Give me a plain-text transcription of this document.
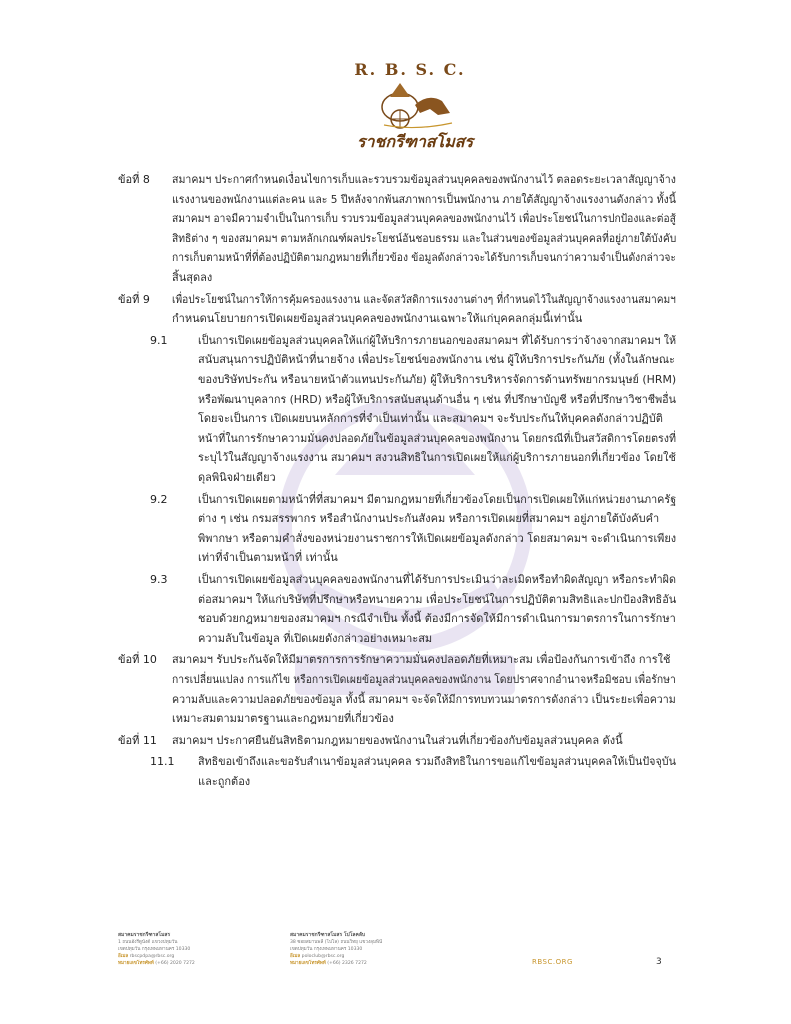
R. B. S. C.
ราชกรีฑาสโมสร
ข้อที่ 8 สมาคมฯ ประกาศกำหนดเงื่อนไขการเก็บและรวบรวมข้อมูลส่วนบุคคลของพนักงานไว้ ตลอดระยะเวลาสัญญาจ้าง
แรงงานของพนักงานแต่ละคน และ 5 ปีหลังจากพ้นสภาพการเป็นพนักงาน ภายใต้สัญญาจ้างแรงงานดังกล่าว ทั้งนี้
สมาคมฯ อาจมีความจำเป็นในการเก็บ รวบรวมข้อมูลส่วนบุคคลของพนักงานไว้ เพื่อประโยชน์ในการปกป้องและต่อสู้
สิทธิต่าง ๆ ของสมาคมฯ ตามหลักเกณฑ์ผลประโยชน์อันชอบธรรม และในส่วนของข้อมูลส่วนบุคคลที่อยู่ภายใต้บังคับ
การเก็บตามหน้าที่ที่ต้องปฏิบัติตามกฎหมายที่เกี่ยวข้อง ข้อมูลดังกล่าวจะได้รับการเก็บจนกว่าความจำเป็นดังกล่าวจะ
สิ้นสุดลง
ข้อที่ 9 เพื่อประโยชน์ในการให้การคุ้มครองแรงงาน และจัดสวัสดิการแรงงานต่างๆ ที่กำหนดไว้ในสัญญาจ้างแรงงานสมาคมฯ
กำหนดนโยบายการเปิดเผยข้อมูลส่วนบุคคลของพนักงานเฉพาะให้แก่บุคคลกลุ่มนี้เท่านั้น
9.1	เป็นการเปิดเผยข้อมูลส่วนบุคคลให้แก่ผู้ให้บริการภายนอกของสมาคมฯ ที่ได้รับการว่าจ้างจากสมาคมฯ ให้
สนับสนุนการปฏิบัติหน้าที่นายจ้าง เพื่อประโยชน์ของพนักงาน เช่น ผู้ให้บริการประกันภัย (ทั้งในลักษณะ
ของบริษัทประกัน หรือนายหน้าตัวแทนประกันภัย) ผู้ให้บริการบริหารจัดการด้านทรัพยากรมนุษย์ (HRM)
หรือพัฒนาบุคลากร (HRD) หรือผู้ให้บริการสนับสนุนด้านอื่น ๆ เช่น ที่ปรึกษาบัญชี หรือที่ปรึกษาวิชาชีพอื่น
โดยจะเป็นการ เปิดเผยบนหลักการที่จำเป็นเท่านั้น และสมาคมฯ จะรับประกันให้บุคคลดังกล่าวปฏิบัติ
หน้าที่ในการรักษาความมั่นคงปลอดภัยในข้อมูลส่วนบุคคลของพนักงาน โดยกรณีที่เป็นสวัสดิการโดยตรงที่
ระบุไว้ในสัญญาจ้างแรงงาน สมาคมฯ สงวนสิทธิในการเปิดเผยให้แก่ผู้บริการภายนอกที่เกี่ยวข้อง โดยใช้
ดุลพินิจฝ่ายเดียว
9.2	เป็นการเปิดเผยตามหน้าที่ที่สมาคมฯ มีตามกฎหมายที่เกี่ยวข้องโดยเป็นการเปิดเผยให้แก่หน่วยงานภาครัฐ
ต่าง ๆ เช่น กรมสรรพากร หรือสำนักงานประกันสังคม หรือการเปิดเผยที่สมาคมฯ อยู่ภายใต้บังคับคำ
พิพากษา หรือตามคำสั่งของหน่วยงานราชการให้เปิดเผยข้อมูลดังกล่าว โดยสมาคมฯ จะดำเนินการเพียง
เท่าที่จำเป็นตามหน้าที่ เท่านั้น
9.3	เป็นการเปิดเผยข้อมูลส่วนบุคคลของพนักงานที่ได้รับการประเมินว่าละเมิดหรือทำผิดสัญญา หรือกระทำผิด
ต่อสมาคมฯ ให้แก่บริษัทที่ปรึกษาหรือทนายความ เพื่อประโยชน์ในการปฏิบัติตามสิทธิและปกป้องสิทธิอัน
ชอบด้วยกฎหมายของสมาคมฯ กรณีจำเป็น ทั้งนี้ ต้องมีการจัดให้มีการดำเนินการมาตรการในการรักษา
ความลับในข้อมูล ที่เปิดเผยดังกล่าวอย่างเหมาะสม
ข้อที่ 10 สมาคมฯ รับประกันจัดให้มีมาตรการการรักษาความมั่นคงปลอดภัยที่เหมาะสม เพื่อป้องกันการเข้าถึง การใช้
การเปลี่ยนแปลง การแก้ไข หรือการเปิดเผยข้อมูลส่วนบุคคลของพนักงาน โดยปราศจากอำนาจหรือมิชอบ เพื่อรักษา
ความลับและความปลอดภัยของข้อมูล ทั้งนี้ สมาคมฯ จะจัดให้มีการทบทวนมาตรการดังกล่าว เป็นระยะเพื่อความ
เหมาะสมตามมาตรฐานและกฎหมายที่เกี่ยวข้อง
ข้อที่ 11 สมาคมฯ ประกาศยืนยันสิทธิตามกฎหมายของพนักงานในส่วนที่เกี่ยวข้องกับข้อมูลส่วนบุคคล ดังนี้
11.1 สิทธิขอเข้าถึงและขอรับสำเนาข้อมูลส่วนบุคคล รวมถึงสิทธิในการขอแก้ไขข้อมูลส่วนบุคคลให้เป็นปัจจุบัน
และถูกต้อง
สมาคมราชกรีฑาสโมสร
1 ถนนอังรีดูนังต์ แขวงปทุมวัน
เขตปทุมวัน กรุงเทพมหานคร 10330
อีเมล rbscpdpa@rbsc.org
หมายเลขโทรศัพท์ (+66) 2020 7272
สมาคมราชกรีฑาสโมสร โปโลคลับ
38 ซอยสมานพลี (โปโล) ถนนวิทยุ แขวงลุมพินี
เขตปทุมวัน กรุงเทพมหานคร 10330
อีเมล poloclub@rbsc.org
หมายเลขโทรศัพท์ (+66) 2326 7272	RBSC.ORG	3
